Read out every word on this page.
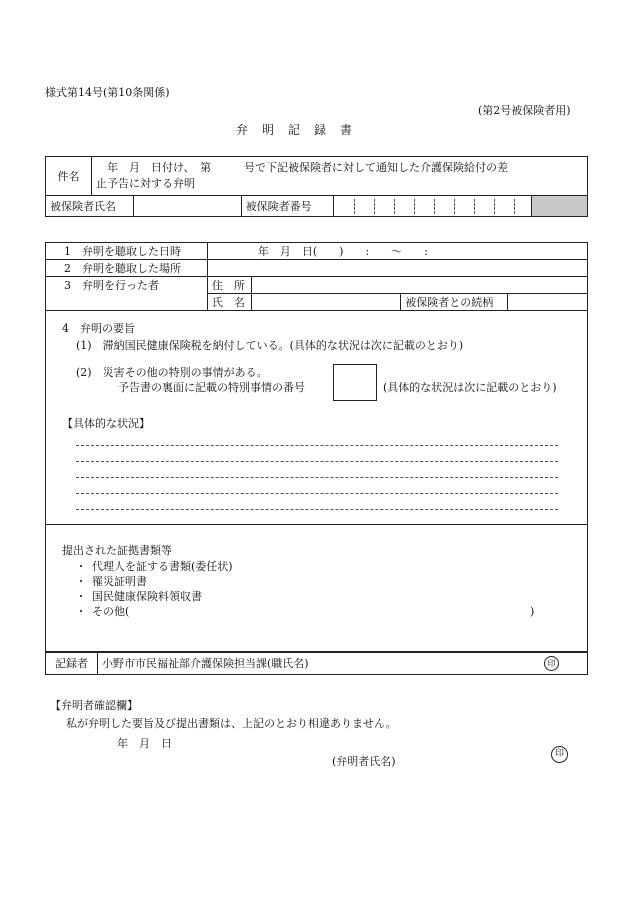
様式第14号(第10条関係)
(第2号被保険者用)
弁　明　記　録　書
件名	　年　月　日付け、　第　　　号で下記被保険者に対して通知した介護保険給付の差
止予告に対する弁明				
被保険者氏名			被保険者番号	

1　弁明を聴取した日時	年　月　日(　　)　　:　　～　　:			
2　弁明を聴取した場所				
3　弁明を行った者	住　所			
	氏　名		被保険者との続柄	
4　弁明の要旨
(1)　滞納国民健康保険税を納付している。(具体的な状況は次に記載のとおり)
(2)　災害その他の特別の事情がある。
予告書の裏面に記載の特別事情の番号	(具体的な状況は次に記載のとおり)
【具体的な状況】
提出された証拠書類等
・ 代理人を証する書類(委任状)
・ 罹災証明書
・ 国民健康保険料領収書
・ その他(	)
記録者	小野市市民福祉部介護保険担当課(職氏名)	印
【弁明者確認欄】
私が弁明した要旨及び提出書類は、上記のとおり相違ありません。
年　月　日
(弁明者氏名)
印
